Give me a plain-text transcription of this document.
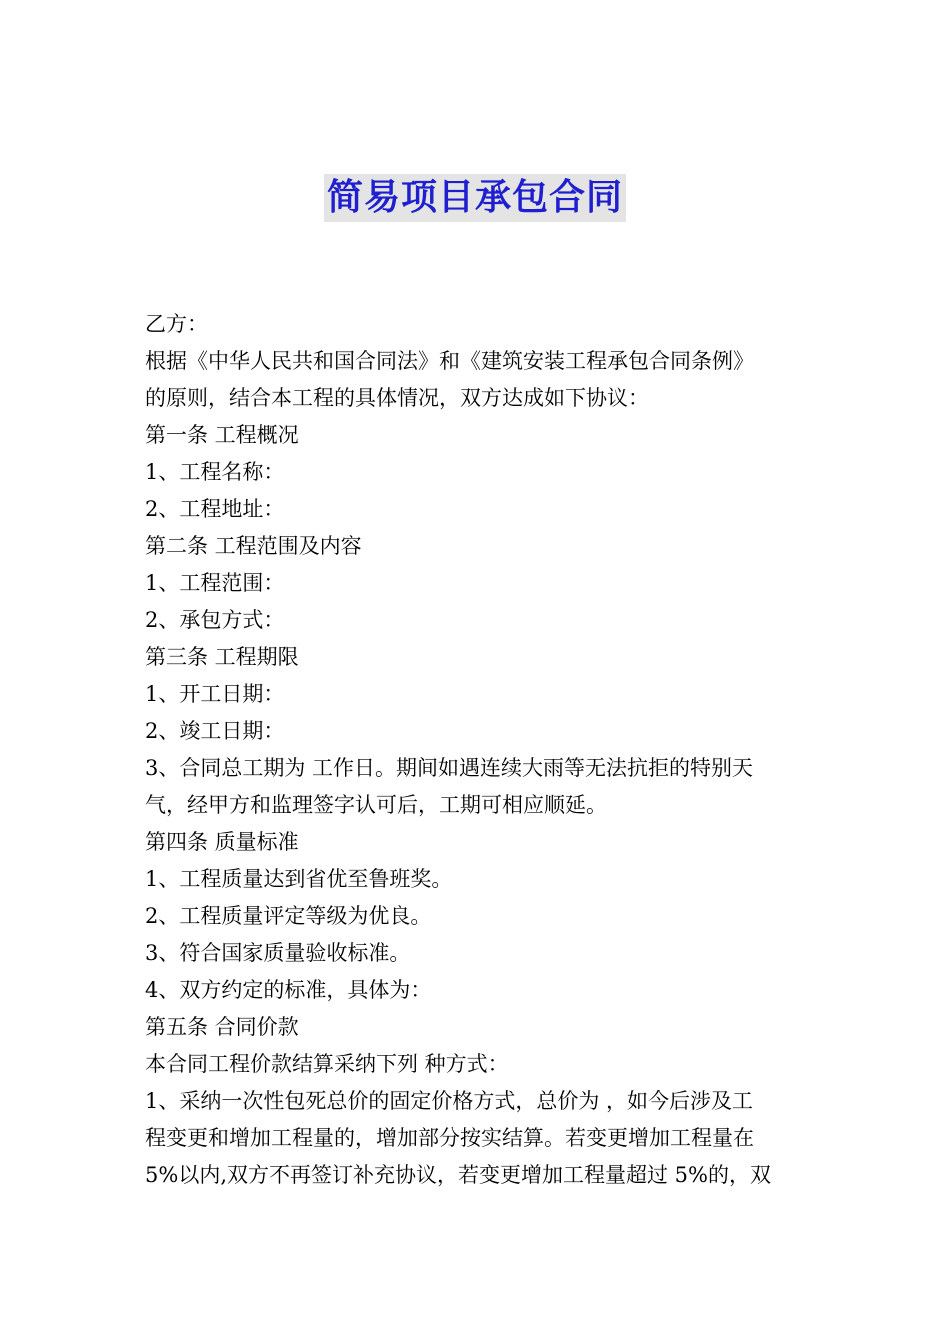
简易项目承包合同
乙方：
根据《中华人民共和国合同法》和《建筑安装工程承包合同条例》
的原则，结合本工程的具体情况，双方达成如下协议：
第一条 工程概况
1、工程名称：
2、工程地址：
第二条 工程范围及内容
1、工程范围：
2、承包方式：
第三条 工程期限
1、开工日期：
2、竣工日期：
3、合同总工期为 工作日。期间如遇连续大雨等无法抗拒的特别天
气，经甲方和监理签字认可后，工期可相应顺延。
第四条 质量标准
1、工程质量达到省优至鲁班奖。
2、工程质量评定等级为优良。
3、符合国家质量验收标准。
4、双方约定的标准，具体为：
第五条 合同价款
本合同工程价款结算采纳下列 种方式：
1、采纳一次性包死总价的固定价格方式，总价为 ，如今后涉及工
程变更和增加工程量的，增加部分按实结算。若变更增加工程量在
5%以内,双方不再签订补充协议，若变更增加工程量超过 5%的，双
